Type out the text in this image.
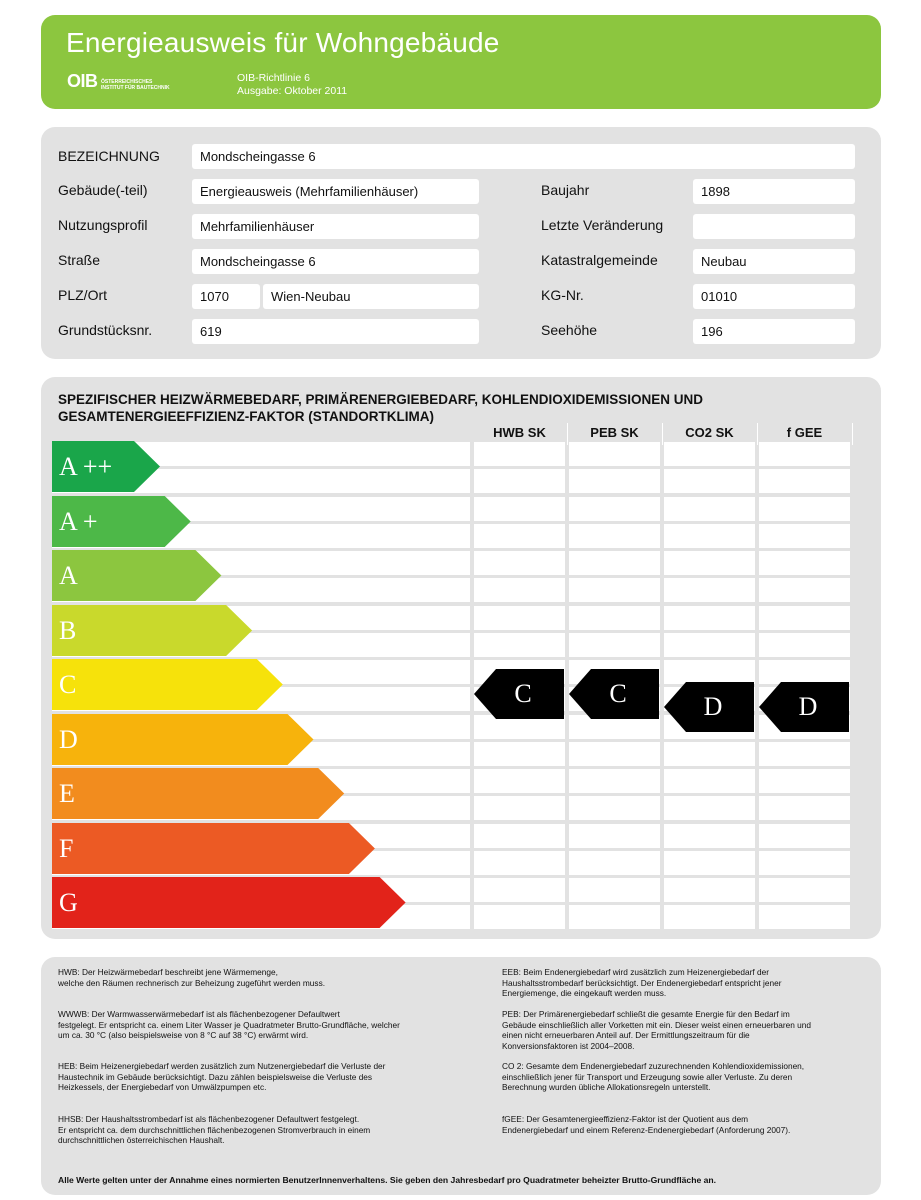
Energieausweis für Wohngebäude
OIB ÖSTERREICHISCHES
INSTITUT FÜR BAUTECHNIK
OIB-Richtlinie 6
Ausgabe: Oktober 2011
BEZEICHNUNG	Mondscheingasse 6
Gebäude(-teil)	Energieausweis (Mehrfamilienhäuser)
Nutzungsprofil	Mehrfamilienhäuser
Straße	Mondscheingasse 6
PLZ/Ort	1070	Wien-Neubau
Grundstücksnr.	619
Baujahr	1898
Letzte Veränderung
Katastralgemeinde	Neubau
KG-Nr.	01010
Seehöhe	196
SPEZIFISCHER HEIZWÄRMEBEDARF, PRIMÄRENERGIEBEDARF, KOHLENDIOXIDEMISSIONEN UND
GESAMTENERGIEEFFIZIENZ-FAKTOR (STANDORTKLIMA)
HWB SK	PEB SK	CO2 SK	f GEE
A ++
A +
A
B
C
D
E
F
G
C	C	D	D
HWB: Der Heizwärmebedarf beschreibt jene Wärmemenge,
welche den Räumen rechnerisch zur Beheizung zugeführt werden muss.
WWWB: Der Warmwasserwärmebedarf ist als flächenbezogener Defaultwert
festgelegt. Er entspricht ca. einem Liter Wasser je Quadratmeter Brutto-Grundfläche, welcher
um ca. 30 °C (also beispielsweise von 8 °C auf 38 °C) erwärmt wird.
HEB: Beim Heizenergiebedarf werden zusätzlich zum Nutzenergiebedarf die Verluste der
Haustechnik im Gebäude berücksichtigt. Dazu zählen beispielsweise die Verluste des
Heizkessels, der Energiebedarf von Umwälzpumpen etc.
HHSB: Der Haushaltsstrombedarf ist als flächenbezogener Defaultwert festgelegt.
Er entspricht ca. dem durchschnittlichen flächenbezogenen Stromverbrauch in einem
durchschnittlichen österreichischen Haushalt.
EEB: Beim Endenergiebedarf wird zusätzlich zum Heizenergiebedarf der
Haushaltsstrombedarf berücksichtigt. Der Endenergiebedarf entspricht jener
Energiemenge, die eingekauft werden muss.
PEB: Der Primärenergiebedarf schließt die gesamte Energie für den Bedarf im
Gebäude einschließlich aller Vorketten mit ein. Dieser weist einen erneuerbaren und
einen nicht erneuerbaren Anteil auf. Der Ermittlungszeitraum für die
Konversionsfaktoren ist 2004–2008.
CO 2: Gesamte dem Endenergiebedarf zuzurechnenden Kohlendioxidemissionen,
einschließlich jener für Transport und Erzeugung sowie aller Verluste. Zu deren
Berechnung wurden übliche Allokationsregeln unterstellt.
fGEE: Der Gesamtenergieeffizienz-Faktor ist der Quotient aus dem
Endenergiebedarf und einem Referenz-Endenergiebedarf (Anforderung 2007).
Alle Werte gelten unter der Annahme eines normierten BenutzerInnenverhaltens. Sie geben den Jahresbedarf pro Quadratmeter beheizter Brutto-Grundfläche an.
